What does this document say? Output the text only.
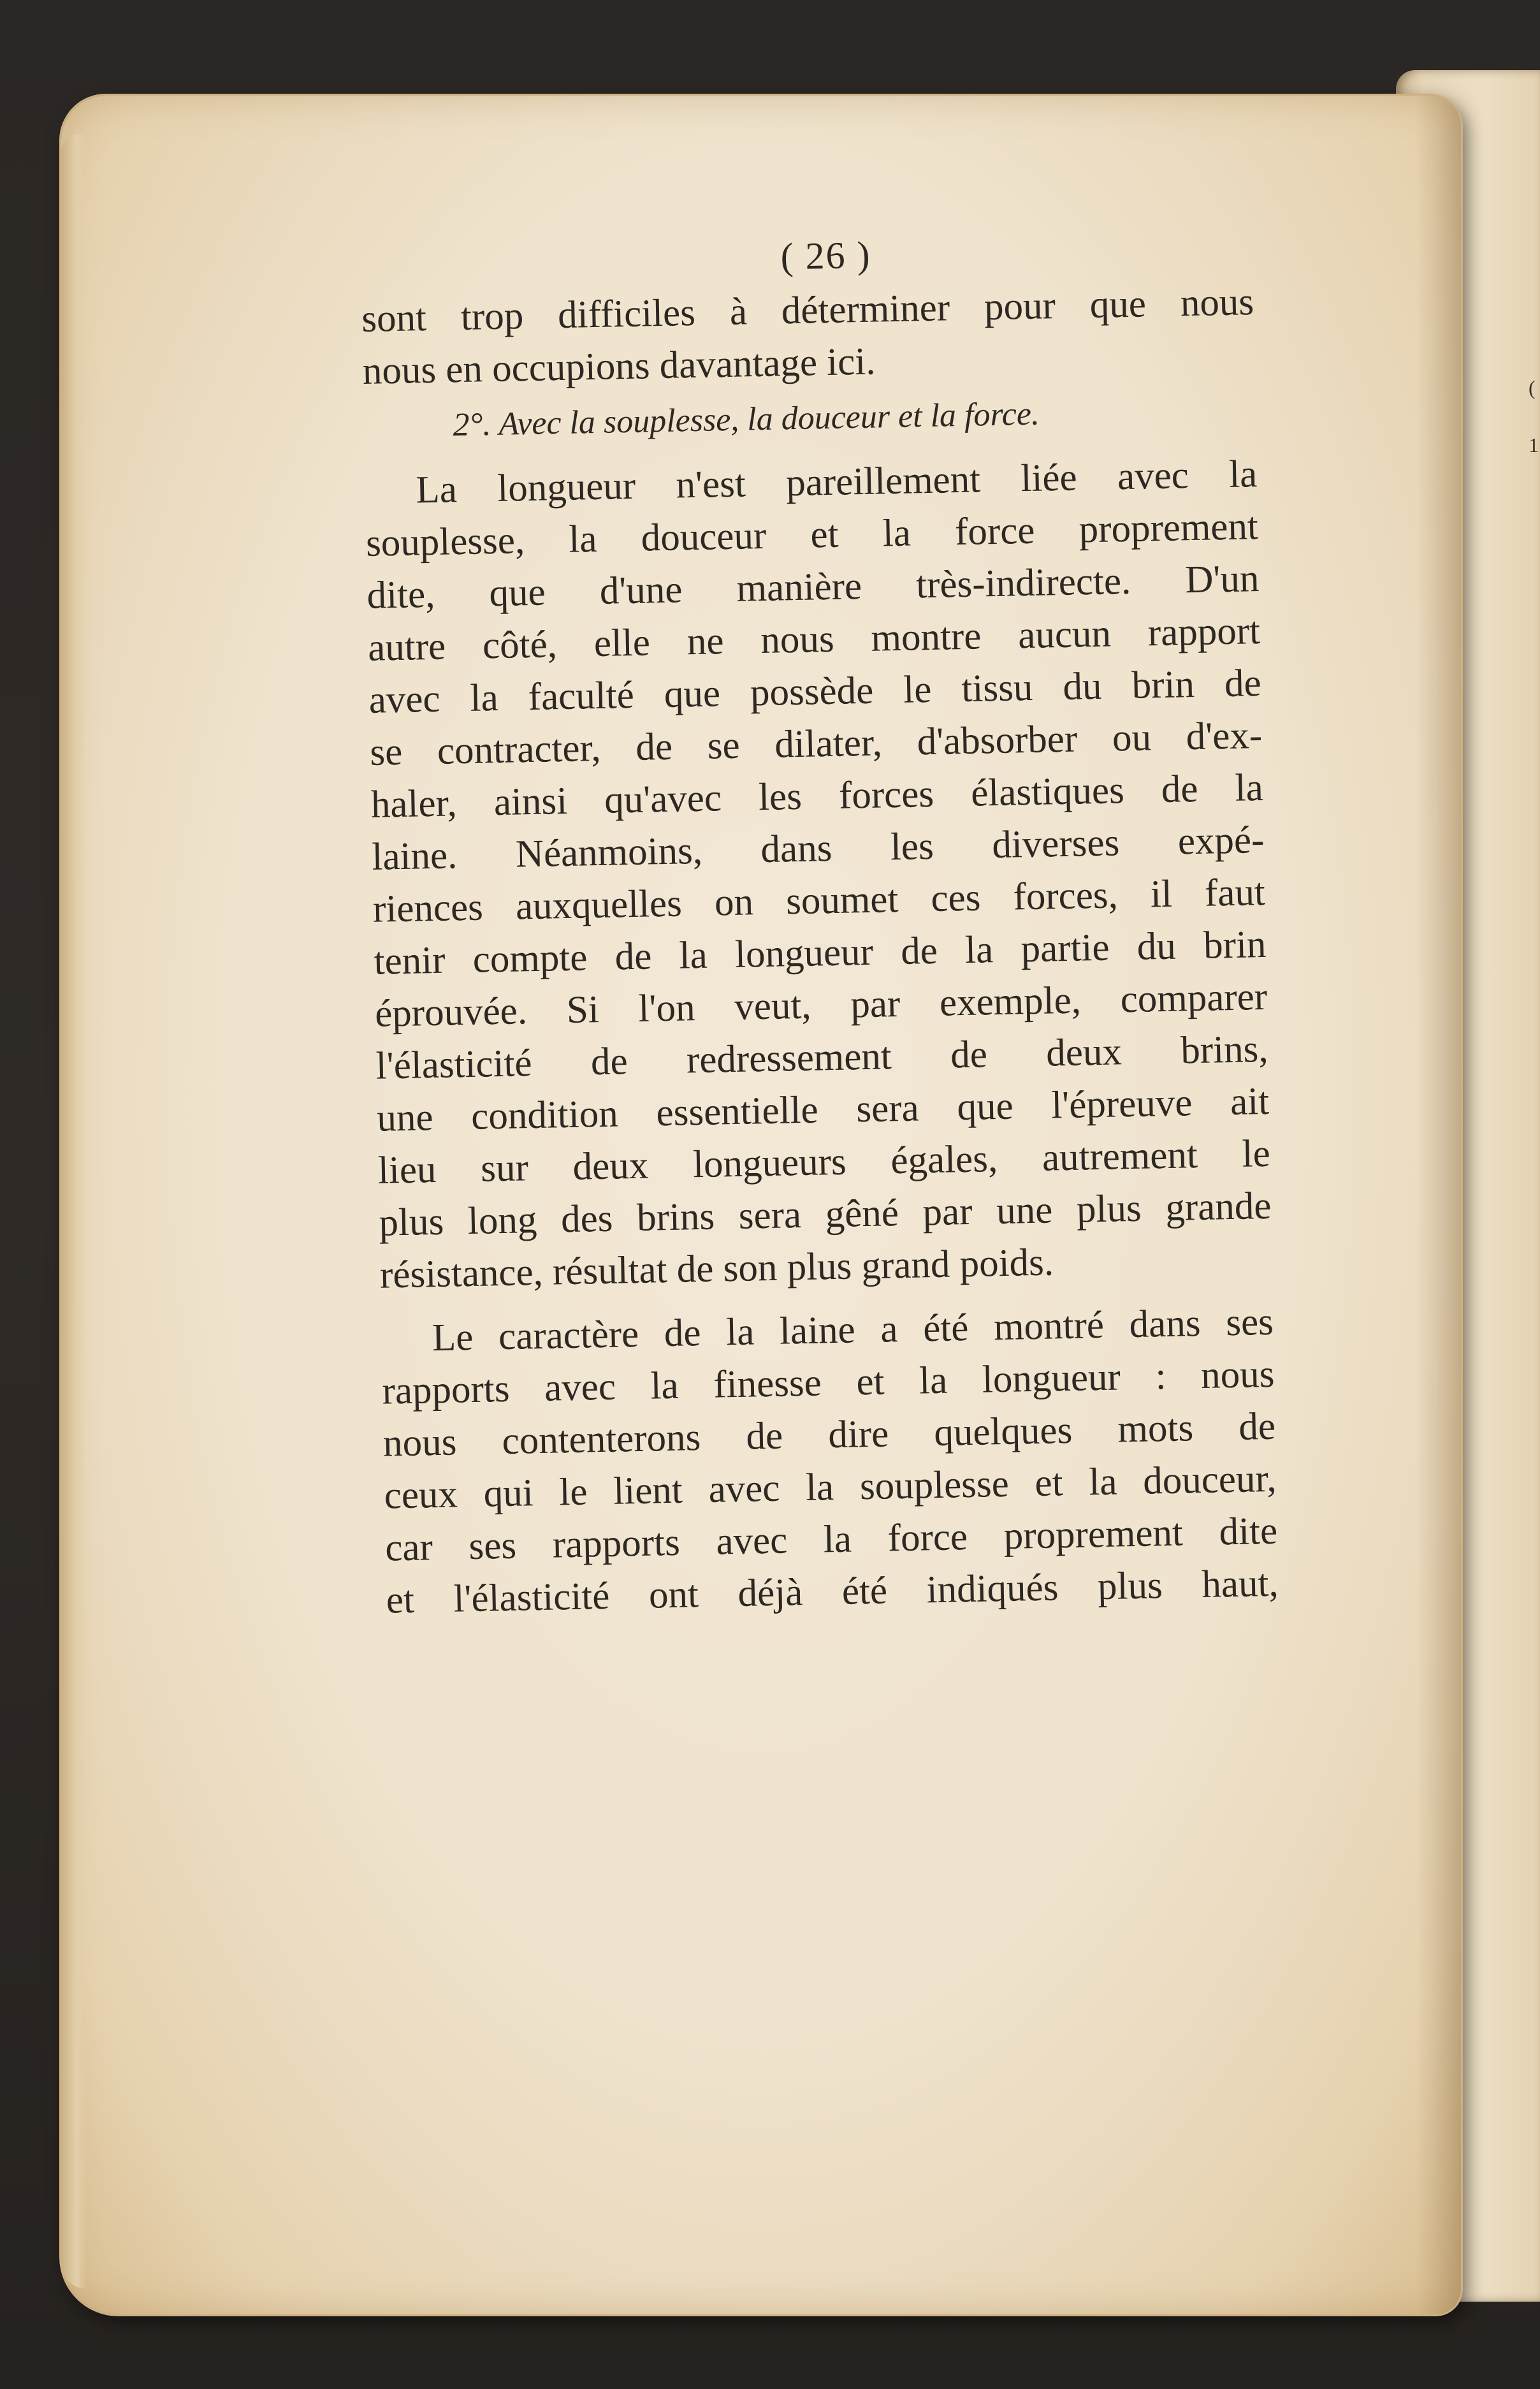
(
1
( 26 )
sont trop difficiles à déterminer pour que nous
nous en occupions davantage ici.
2°. Avec la souplesse, la douceur et la force.
La longueur n'est pareillement liée avec la
souplesse, la douceur et la force proprement
dite, que d'une manière très-indirecte. D'un
autre côté, elle ne nous montre aucun rapport
avec la faculté que possède le tissu du brin de
se contracter, de se dilater, d'absorber ou d'ex-
haler, ainsi qu'avec les forces élastiques de la
laine. Néanmoins, dans les diverses expé-
riences auxquelles on soumet ces forces, il faut
tenir compte de la longueur de la partie du brin
éprouvée. Si l'on veut, par exemple, comparer
l'élasticité de redressement de deux brins,
une condition essentielle sera que l'épreuve ait
lieu sur deux longueurs égales, autrement le
plus long des brins sera gêné par une plus grande
résistance, résultat de son plus grand poids.
Le caractère de la laine a été montré dans ses
rapports avec la finesse et la longueur : nous
nous contenterons de dire quelques mots de
ceux qui le lient avec la souplesse et la douceur,
car ses rapports avec la force proprement dite
et l'élasticité ont déjà été indiqués plus haut,
